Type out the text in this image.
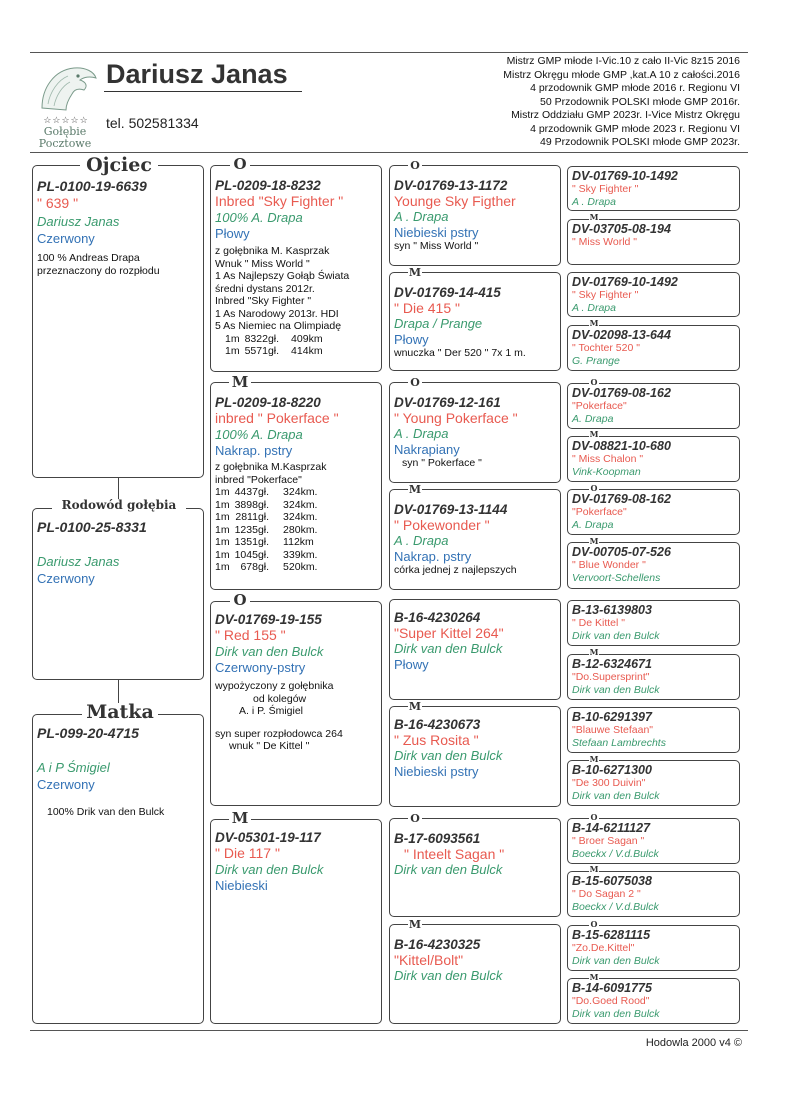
☆☆☆☆☆
Gołębie Pocztowe
Dariusz Janas
tel. 502581334
Mistrz GMP młode I-Vic.10 z cało II-Vic 8z15 2016
Mistrz Okręgu młode GMP ,kat.A 10 z całości.2016
4 przodownik GMP młode 2016 r. Regionu VI
50 Przodownik POLSKI młode GMP 2016r.
Mistrz Oddziału GMP 2023r. I-Vice Mistrz Okręgu
4 przodownik GMP młode 2023 r. Regionu VI
49 Przodownik POLSKI młode GMP 2023r.
PL-0100-19-6639
" 639 "
Dariusz Janas
Czerwony
100 % Andreas Drapa
przeznaczony do rozpłodu
Ojciec
PL-0100-25-8331
Dariusz Janas
Czerwony
Rodowód gołębia
PL-099-20-4715
A i P Śmigiel
Czerwony
100% Drik van den Bulck
Matka
PL-0209-18-8232
Inbred "Sky Fighter "
100% A. Drapa
Płowy
z gołębnika M. Kasprzak
Wnuk " Miss World "
1 As Najlepszy Gołąb Świata
średni dystans 2012r.
Inbred "Sky Fighter "
1 As Narodowy 2013r. HDI
5 As Niemiec na Olimpiadę
1m	8322gł.	409km
1m	5571gł.	414km
O
PL-0209-18-8220
inbred " Pokerface "
100% A. Drapa
Nakrap. pstry
z gołębnika M.Kasprzak
inbred "Pokerface"
1m	4437gł.	324km.
1m	3898gł.	324km.
1m	2811gł.	324km.
1m	1235gł.	280km.
1m	1351gł.	112km
1m	1045gł.	339km.
1m	678gł.	520km.
M
DV-01769-19-155
" Red 155 "
Dirk van den Bulck
Czerwony-pstry
wypożyczony z gołębnika
od kolegów
A. i P. Śmigiel
syn super rozpłodowca 264
wnuk " De Kittel "
O
DV-05301-19-117
" Die 117 "
Dirk van den Bulck
Niebieski
M
DV-01769-13-1172
Younge Sky Figther
A . Drapa
Niebieski pstry
syn " Miss World "
O
DV-01769-14-415
" Die 415 "
Drapa / Prange
Płowy
wnuczka " Der 520 " 7x 1 m.
M
DV-01769-12-161
" Young Pokerface "
A . Drapa
Nakrapiany
syn " Pokerface "
O
DV-01769-13-1144
" Pokewonder "
A . Drapa
Nakrap. pstry
córka jednej z najlepszych
M
B-16-4230264
"Super Kittel 264"
Dirk van den Bulck
Płowy
B-16-4230673
" Zus Rosita "
Dirk van den Bulck
Niebieski pstry
M
B-17-6093561
" Inteelt Sagan "
Dirk van den Bulck
O
B-16-4230325
"Kittel/Bolt"
Dirk van den Bulck
M
DV-01769-10-1492
" Sky Fighter "
A . Drapa
DV-03705-08-194
" Miss World "
M
DV-01769-10-1492
" Sky Fighter "
A . Drapa
DV-02098-13-644
" Tochter 520 "
G. Prange
M
DV-01769-08-162
"Pokerface"
A. Drapa
O
DV-08821-10-680
" Miss Chalon "
Vink-Koopman
M
DV-01769-08-162
"Pokerface"
A. Drapa
O
DV-00705-07-526
" Blue Wonder "
Vervoort-Schellens
M
B-13-6139803
" De Kittel "
Dirk van den Bulck
B-12-6324671
"Do.Supersprint"
Dirk van den Bulck
M
B-10-6291397
"Blauwe Stefaan"
Stefaan Lambrechts
B-10-6271300
"De 300 Duivin"
Dirk van den Bulck
M
B-14-6211127
" Broer Sagan "
Boeckx / V.d.Bulck
O
B-15-6075038
" Do Sagan 2 "
Boeckx / V.d.Bulck
M
B-15-6281115
"Zo.De.Kittel"
Dirk van den Bulck
O
B-14-6091775
"Do.Goed Rood"
Dirk van den Bulck
M
Hodowla 2000 v4 ©
